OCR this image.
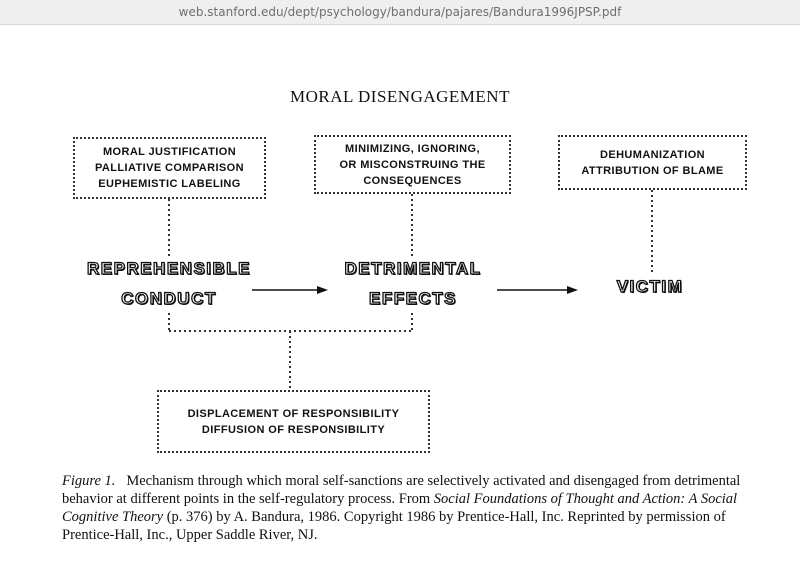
web.stanford.edu/dept/psychology/bandura/pajares/Bandura1996JPSP.pdf
MORAL DISENGAGEMENT
MORAL JUSTIFICATION
PALLIATIVE COMPARISON
EUPHEMISTIC LABELING
MINIMIZING, IGNORING,
OR MISCONSTRUING THE
CONSEQUENCES
DEHUMANIZATION
ATTRIBUTION OF BLAME
DISPLACEMENT OF RESPONSIBILITY
DIFFUSION OF RESPONSIBILITY
REPREHENSIBLE
CONDUCT
DETRIMENTAL
EFFECTS
VICTIM
Figure 1. Mechanism through which moral self-sanctions are selectively activated and disengaged from detrimental behavior at different points in the self-regulatory process. From Social Foundations of Thought and Action: A Social Cognitive Theory (p. 376) by A. Bandura, 1986. Copyright 1986 by Prentice-Hall, Inc. Reprinted by permission of Prentice-Hall, Inc., Upper Saddle River, NJ.
